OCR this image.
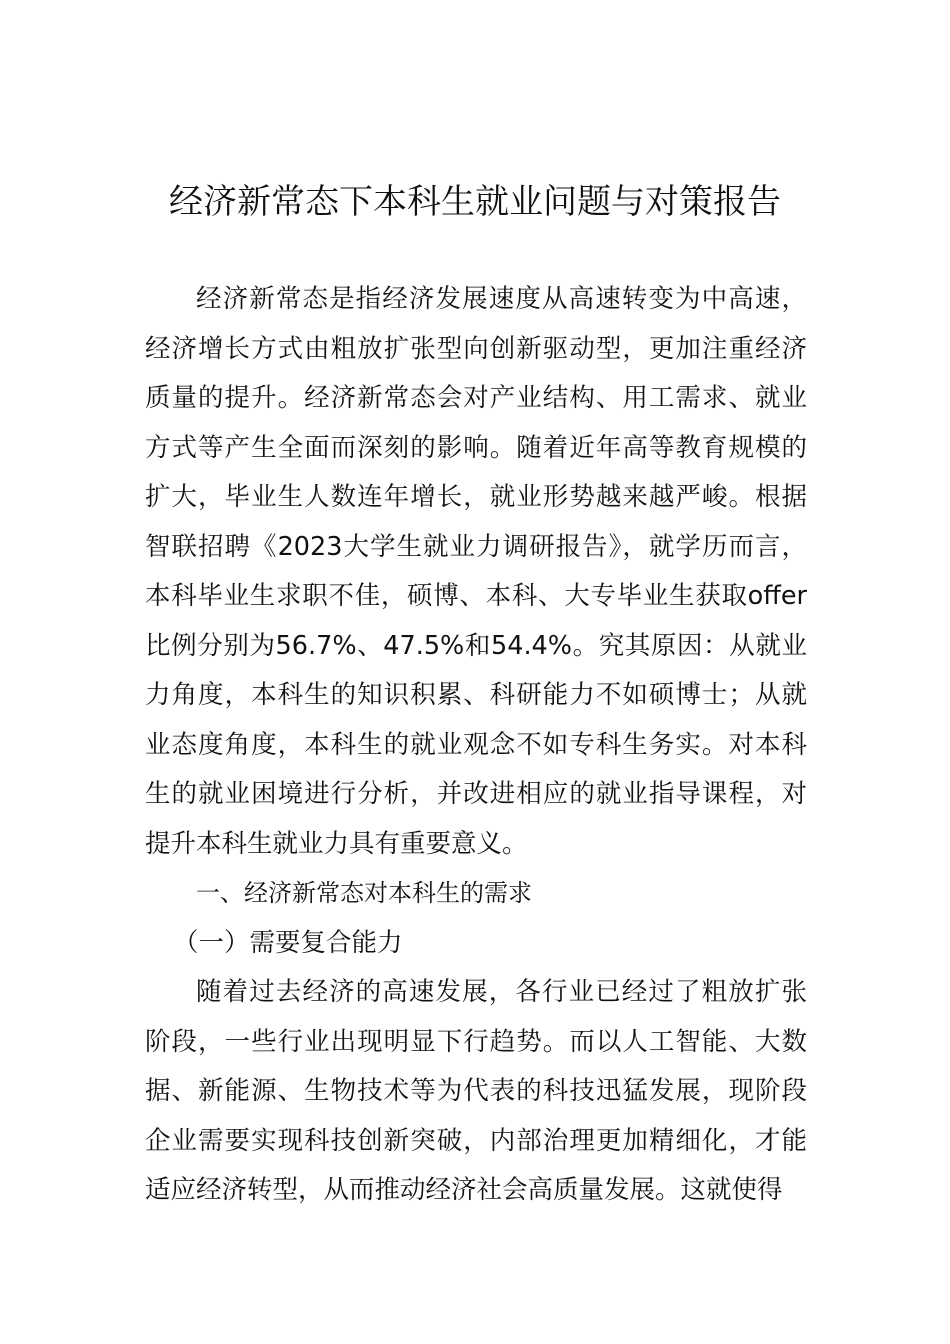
经济新常态下本科生就业问题与对策报告

经济新常态是指经济发展速度从高速转变为中高速，经济增长方式由粗放扩张型向创新驱动型，更加注重经济质量的提升。经济新常态会对产业结构、用工需求、就业方式等产生全面而深刻的影响。随着近年高等教育规模的扩大，毕业生人数连年增长，就业形势越来越严峻。根据智联招聘《2023大学生就业力调研报告》，就学历而言，本科毕业生求职不佳，硕博、本科、大专毕业生获取offer比例分别为56.7%、47.5%和54.4%。究其原因：从就业力角度，本科生的知识积累、科研能力不如硕博士；从就业态度角度，本科生的就业观念不如专科生务实。对本科生的就业困境进行分析，并改进相应的就业指导课程，对提升本科生就业力具有重要意义。

一、经济新常态对本科生的需求

（一）需要复合能力

随着过去经济的高速发展，各行业已经过了粗放扩张阶段，一些行业出现明显下行趋势。而以人工智能、大数据、新能源、生物技术等为代表的科技迅猛发展，现阶段企业需要实现科技创新突破，内部治理更加精细化，才能适应经济转型，从而推动经济社会高质量发展。这就使得
